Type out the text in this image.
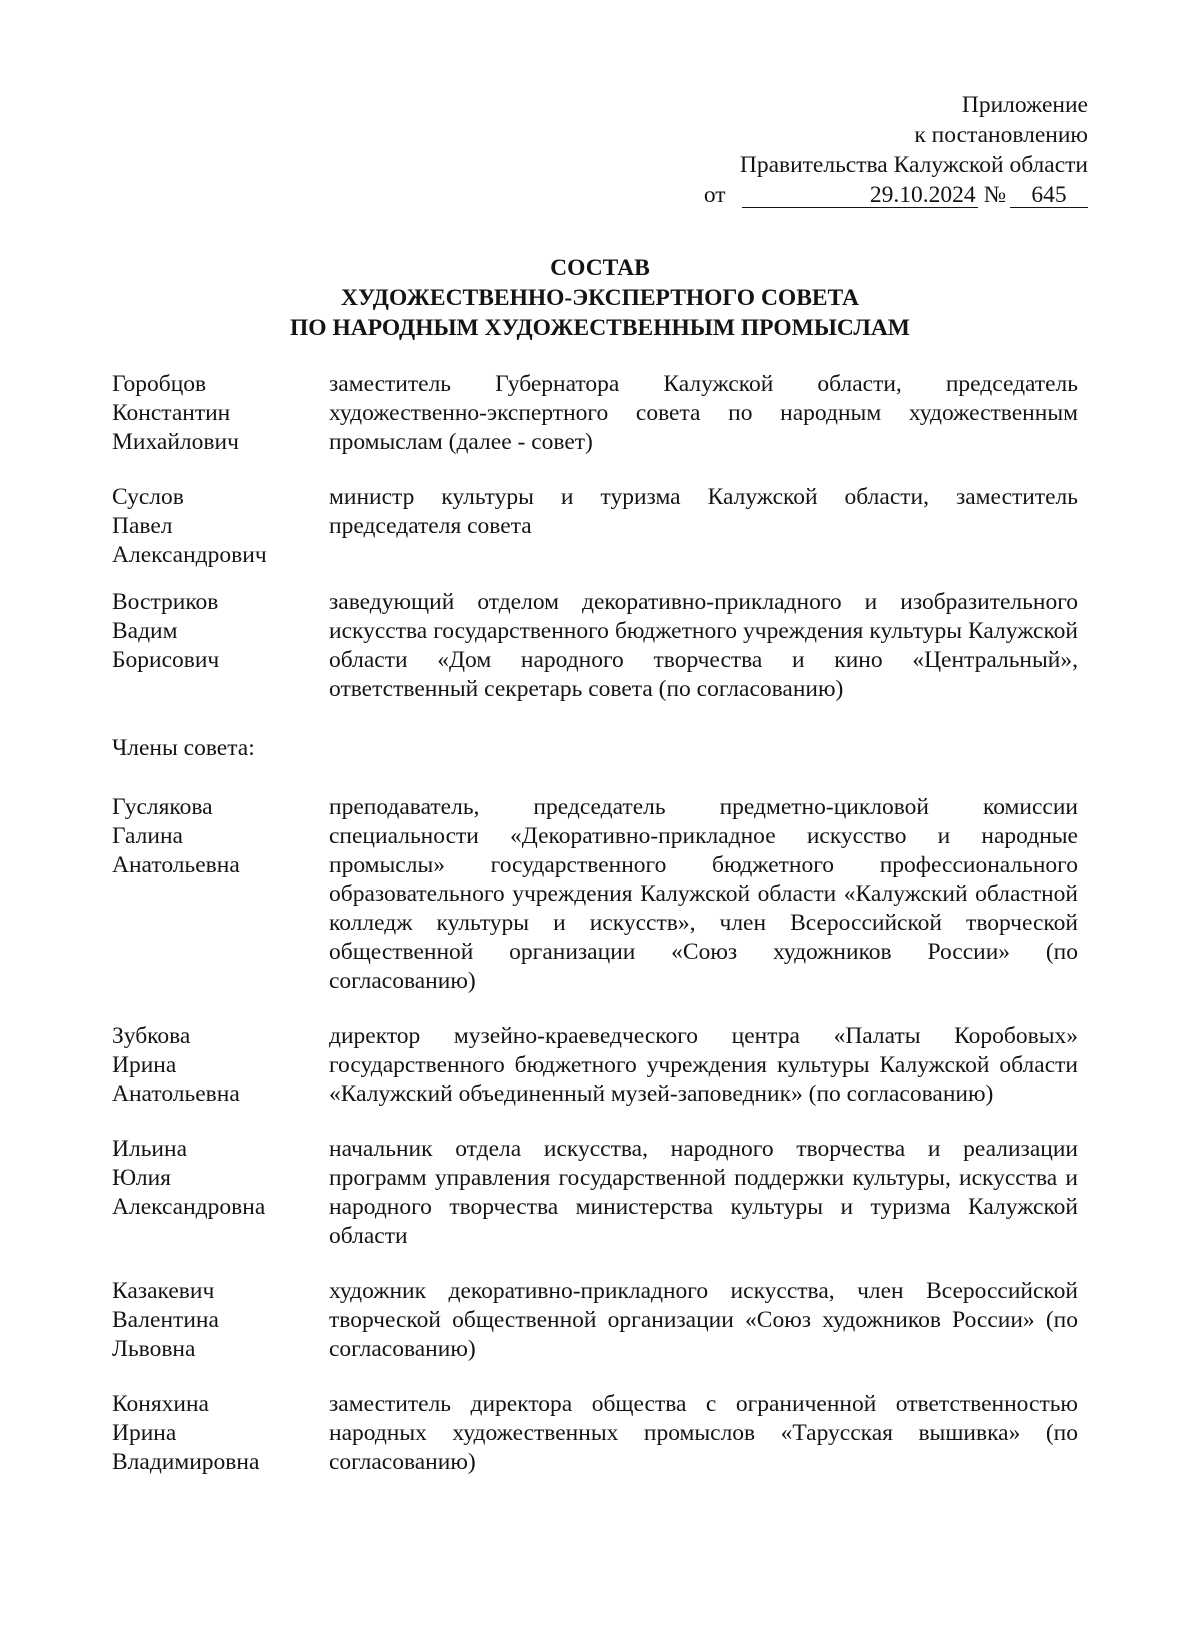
Приложение
к постановлению
Правительства Калужской области
от	29.10.2024 №	645
СОСТАВ
ХУДОЖЕСТВЕННО-ЭКСПЕРТНОГО СОВЕТА
ПО НАРОДНЫМ ХУДОЖЕСТВЕННЫМ ПРОМЫСЛАМ
Горобцов
Константин
Михайлович
заместитель Губернатора Калужской области, председатель художественно-экспертного совета по народным художественным промыслам (далее - совет)
Суслов
Павел
Александрович
министр культуры и туризма Калужской области, заместитель председателя совета
Востриков
Вадим
Борисович
заведующий отделом декоративно-прикладного и изобразительного искусства государственного бюджетного учреждения культуры Калужской области «Дом народного творчества и кино «Центральный», ответственный секретарь совета (по согласованию)
Члены совета:
Гуслякова
Галина
Анатольевна
преподаватель, председатель предметно-цикловой комиссии специальности «Декоративно-прикладное искусство и народные промыслы» государственного бюджетного профессионального образовательного учреждения Калужской области «Калужский областной колледж культуры и искусств», член Всероссийской творческой общественной организации «Союз художников России» (по согласованию)
Зубкова
Ирина
Анатольевна
директор музейно-краеведческого центра «Палаты Коробовых» государственного бюджетного учреждения культуры Калужской области «Калужский объединенный музей-заповедник» (по согласованию)
Ильина
Юлия
Александровна
начальник отдела искусства, народного творчества и реализации программ управления государственной поддержки культуры, искусства и народного творчества министерства культуры и туризма Калужской области
Казакевич
Валентина
Львовна
художник декоративно-прикладного искусства, член Всероссийской творческой общественной организации «Союз художников России» (по согласованию)
Коняхина
Ирина
Владимировна
заместитель директора общества с ограниченной ответственностью народных художественных промыслов «Тарусская вышивка» (по согласованию)
